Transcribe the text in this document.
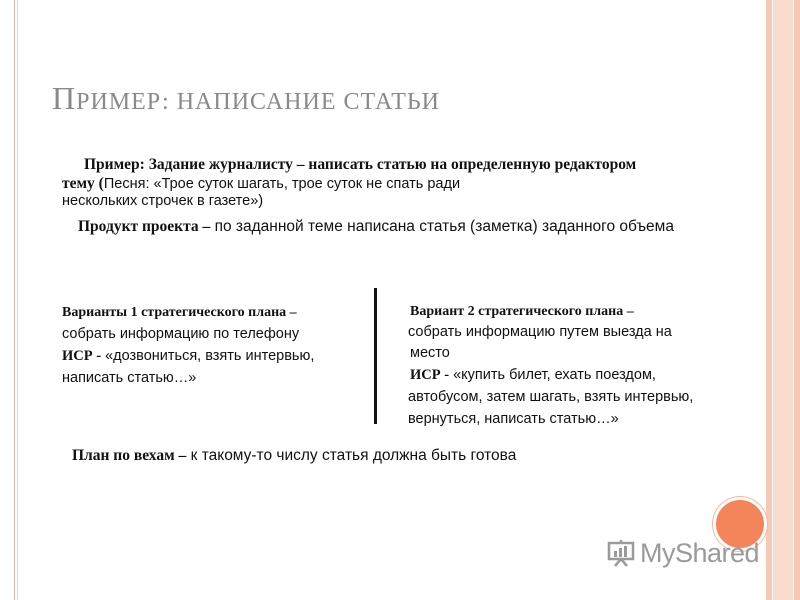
ПРИМЕР: НАПИСАНИЕ СТАТЬИ
Пример: Задание журналисту – написать статью на определенную редактором
тему (Песня: «Трое суток шагать, трое суток не спать ради
нескольких строчек в газете»)
Продукт проекта – по заданной теме написана статья (заметка) заданного объема
Варианты 1 стратегического плана –
собрать информацию по телефону
ИСР - «дозвониться, взять интервью,
написать статью…»
Вариант 2 стратегического плана –
собрать информацию путем выезда на
место
ИСР - «купить билет, ехать поездом,
автобусом, затем шагать, взять интервью,
вернуться, написать статью…»
План по вехам – к такому-то числу статья должна быть готова
MyShared
